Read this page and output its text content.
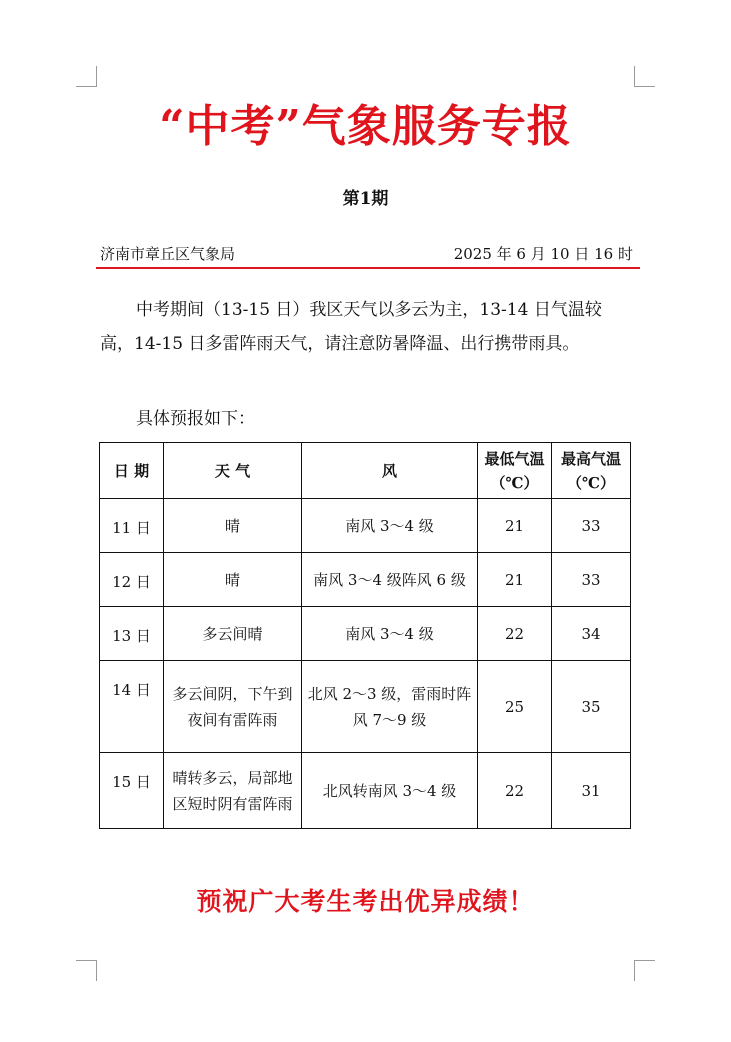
“中考”气象服务专报
第1期
济南市章丘区气象局	2025 年 6 月 10 日 16 时
中考期间（13-15 日）我区天气以多云为主，13-14 日气温较高，14-15 日多雷阵雨天气，请注意防暑降温、出行携带雨具。
具体预报如下：
日 期	天 气	风	最低气温（℃）	最高气温（℃）
11 日	晴	南风 3～4 级	21	33
12 日	晴	南风 3～4 级阵风 6 级	21	33
13 日	多云间晴	南风 3～4 级	22	34
14 日	多云间阴，下午到夜间有雷阵雨	北风 2～3 级，雷雨时阵风 7～9 级	25	35
15 日	晴转多云，局部地区短时阴有雷阵雨	北风转南风 3～4 级	22	31
预祝广大考生考出优异成绩！
